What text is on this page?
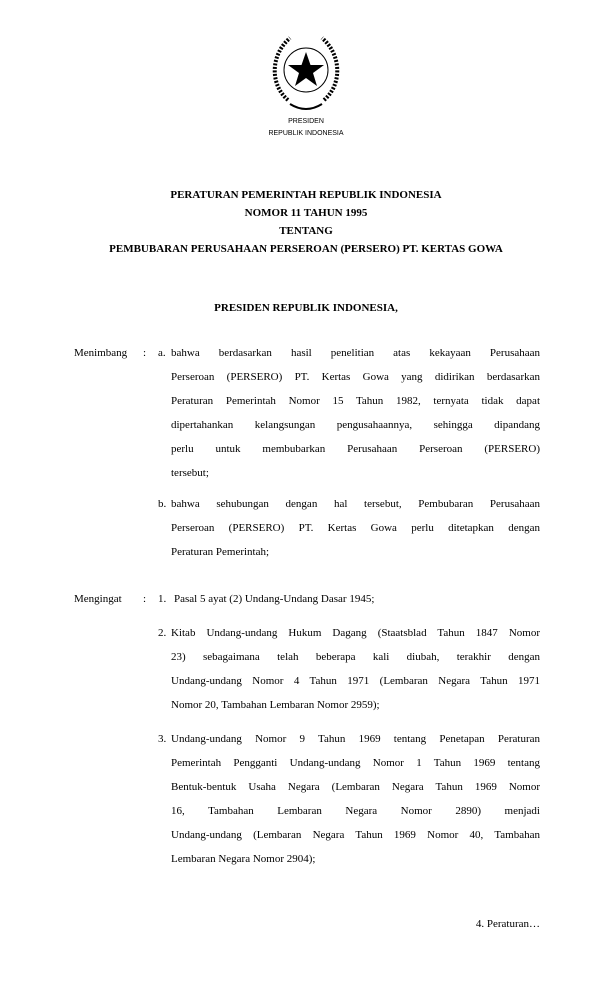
PRESIDEN
REPUBLIK INDONESIA
PERATURAN PEMERINTAH REPUBLIK INDONESIA
NOMOR 11 TAHUN 1995
TENTANG
PEMBUBARAN PERUSAHAAN PERSEROAN (PERSERO) PT. KERTAS GOWA
PRESIDEN REPUBLIK INDONESIA,
Menimbang : a. bahwa berdasarkan hasil penelitian atas kekayaan Perusahaan
Perseroan (PERSERO) PT. Kertas Gowa yang didirikan berdasarkan
Peraturan Pemerintah Nomor 15 Tahun 1982, ternyata tidak dapat
dipertahankan kelangsungan pengusahaannya, sehingga dipandang
perlu untuk membubarkan Perusahaan Perseroan (PERSERO)
tersebut;
b. bahwa sehubungan dengan hal tersebut, Pembubaran Perusahaan
Perseroan (PERSERO) PT. Kertas Gowa perlu ditetapkan dengan
Peraturan Pemerintah;
Mengingat : 1. Pasal 5 ayat (2) Undang-Undang Dasar 1945;
2. Kitab Undang-undang Hukum Dagang (Staatsblad Tahun 1847 Nomor
23) sebagaimana telah beberapa kali diubah, terakhir dengan
Undang-undang Nomor 4 Tahun 1971 (Lembaran Negara Tahun 1971
Nomor 20, Tambahan Lembaran Nomor 2959);
3. Undang-undang Nomor 9 Tahun 1969 tentang Penetapan Peraturan
Pemerintah Pengganti Undang-undang Nomor 1 Tahun 1969 tentang
Bentuk-bentuk Usaha Negara (Lembaran Negara Tahun 1969 Nomor
16, Tambahan Lembaran Negara Nomor 2890) menjadi
Undang-undang (Lembaran Negara Tahun 1969 Nomor 40, Tambahan
Lembaran Negara Nomor 2904);
4. Peraturan…
